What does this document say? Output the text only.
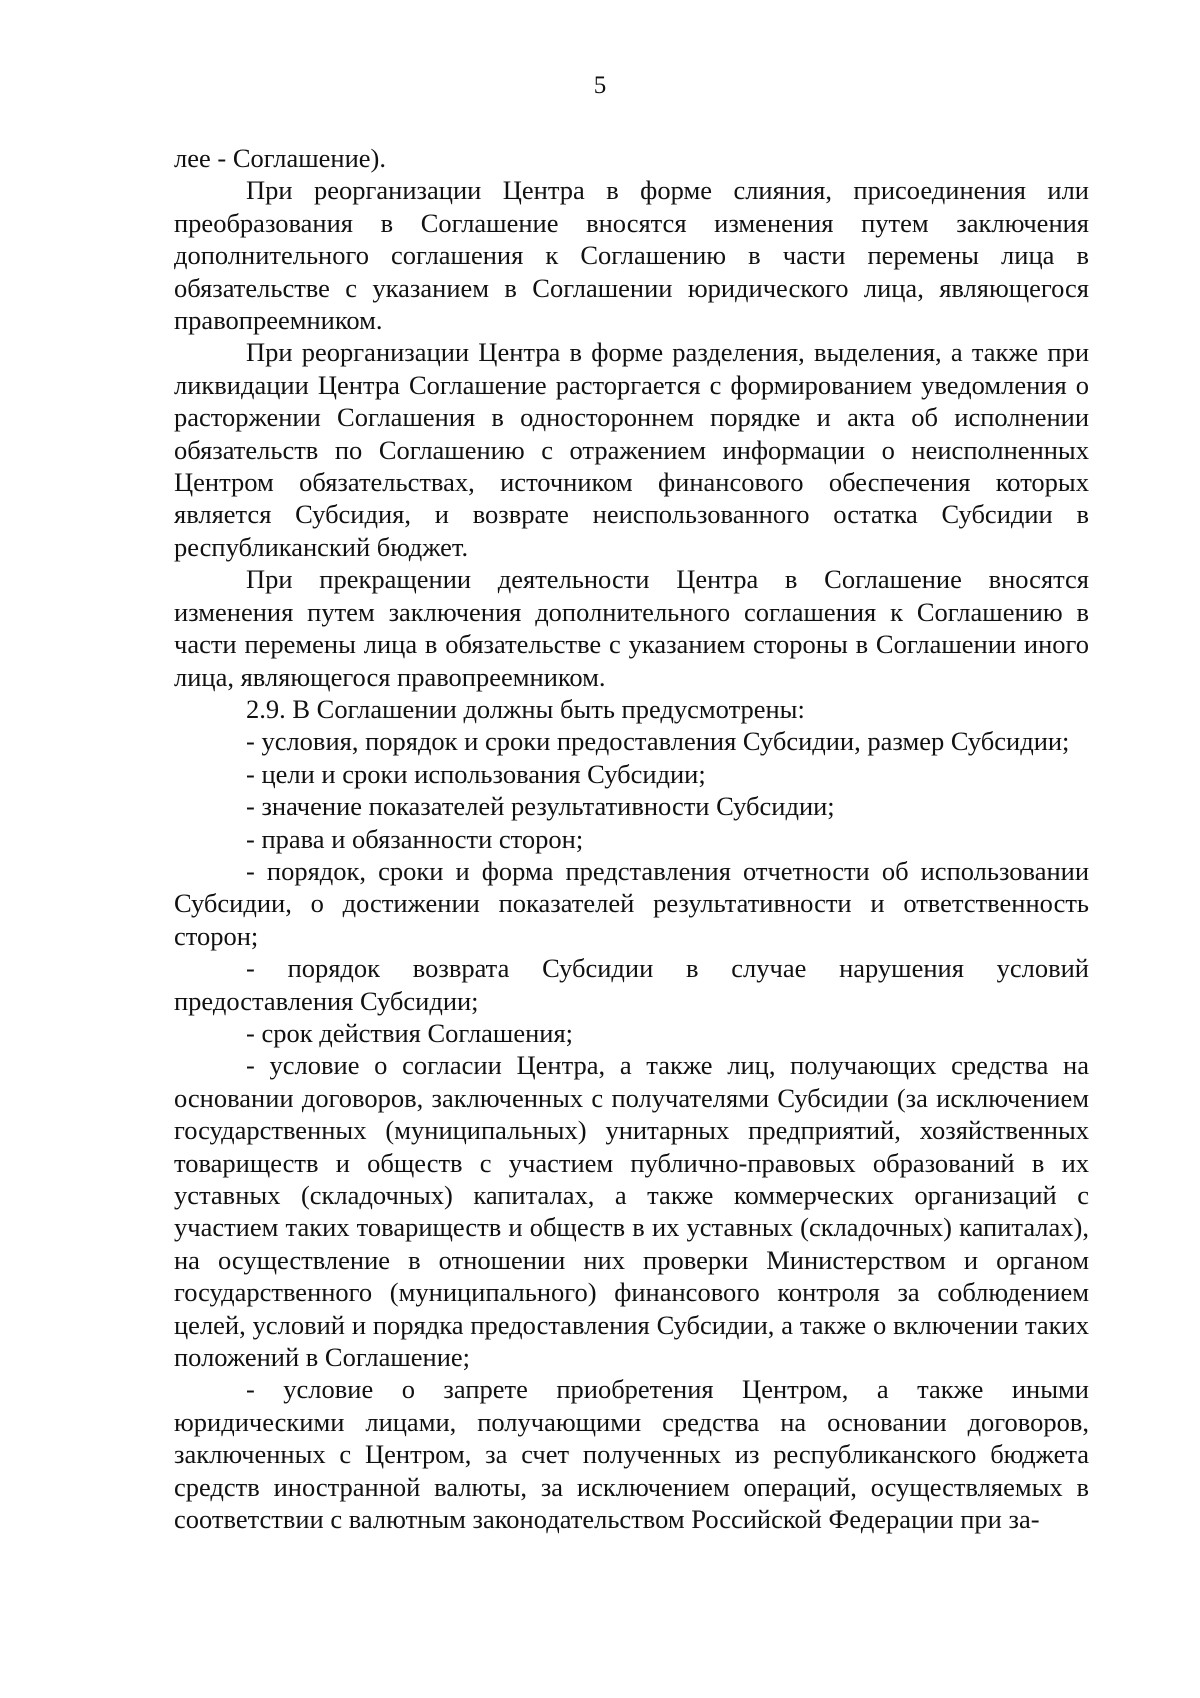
5

лее - Соглашение).

При реорганизации Центра в форме слияния, присоединения или преобразования в Соглашение вносятся изменения путем заключения дополнительного соглашения к Соглашению в части перемены лица в обязательстве с указанием в Соглашении юридического лица, являющегося правопреемником.

При реорганизации Центра в форме разделения, выделения, а также при ликвидации Центра Соглашение расторгается с формированием уведомления о расторжении Соглашения в одностороннем порядке и акта об исполнении обязательств по Соглашению с отражением информации о неисполненных Центром обязательствах, источником финансового обеспечения которых является Субсидия, и возврате неиспользованного остатка Субсидии в республиканский бюджет.

При прекращении деятельности Центра в Соглашение вносятся изменения путем заключения дополнительного соглашения к Соглашению в части перемены лица в обязательстве с указанием стороны в Соглашении иного лица, являющегося правопреемником.

2.9. В Соглашении должны быть предусмотрены:

- условия, порядок и сроки предоставления Субсидии, размер Субсидии;

- цели и сроки использования Субсидии;

- значение показателей результативности Субсидии;

- права и обязанности сторон;

- порядок, сроки и форма представления отчетности об использовании Субсидии, о достижении показателей результативности и ответственность сторон;

- порядок возврата Субсидии в случае нарушения условий предоставления Субсидии;

- срок действия Соглашения;

- условие о согласии Центра, а также лиц, получающих средства на основании договоров, заключенных с получателями Субсидии (за исключением государственных (муниципальных) унитарных предприятий, хозяйственных товариществ и обществ с участием публично-правовых образований в их уставных (складочных) капиталах, а также коммерческих организаций с участием таких товариществ и обществ в их уставных (складочных) капиталах), на осуществление в отношении них проверки Министерством и органом государственного (муниципального) финансового контроля за соблюдением целей, условий и порядка предоставления Субсидии, а также о включении таких положений в Соглашение;

- условие о запрете приобретения Центром, а также иными юридическими лицами, получающими средства на основании договоров, заключенных с Центром, за счет полученных из республиканского бюджета средств иностранной валюты, за исключением операций, осуществляемых в соответствии с валютным законодательством Российской Федерации при за-
